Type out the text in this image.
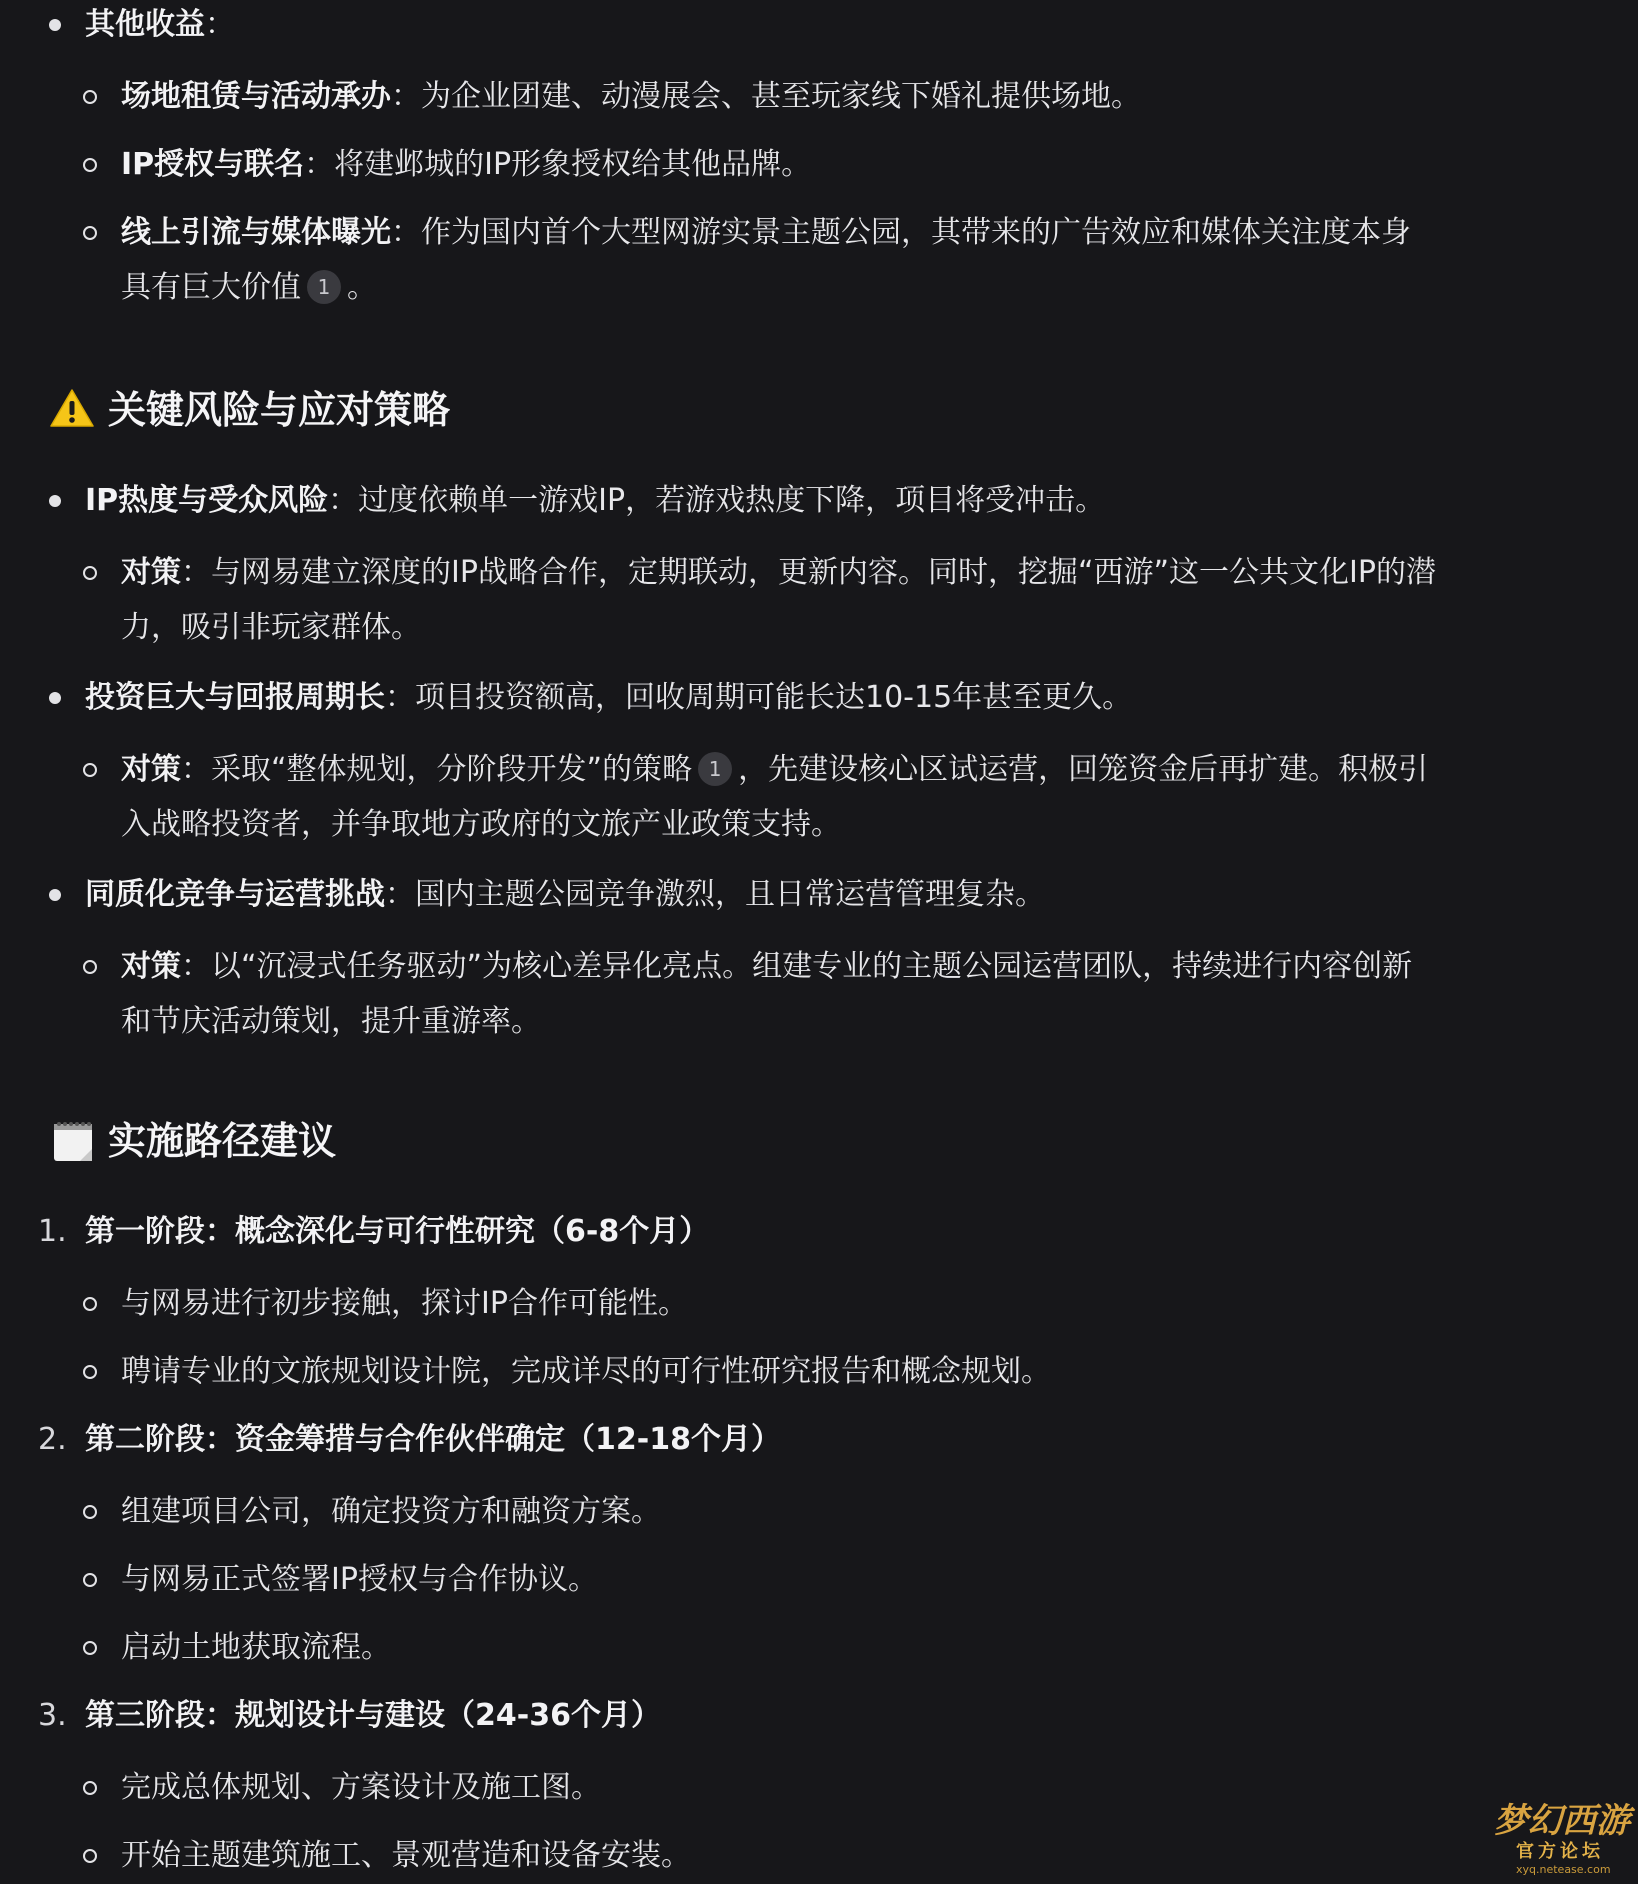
其他收益：
场地租赁与活动承办：为企业团建、动漫展会、甚至玩家线下婚礼提供场地。
IP授权与联名：将建邺城的IP形象授权给其他品牌。
线上引流与媒体曝光：作为国内首个大型网游实景主题公园，其带来的广告效应和媒体关注度本身
具有巨大价值 1 。
关键风险与应对策略
IP热度与受众风险：过度依赖单一游戏IP，若游戏热度下降，项目将受冲击。
对策：与网易建立深度的IP战略合作，定期联动，更新内容。同时，挖掘“西游”这一公共文化IP的潜
力，吸引非玩家群体。
投资巨大与回报周期长：项目投资额高，回收周期可能长达10-15年甚至更久。
对策：采取“整体规划，分阶段开发”的策略 1 ，先建设核心区试运营，回笼资金后再扩建。积极引
入战略投资者，并争取地方政府的文旅产业政策支持。
同质化竞争与运营挑战：国内主题公园竞争激烈，且日常运营管理复杂。
对策：以“沉浸式任务驱动”为核心差异化亮点。组建专业的主题公园运营团队，持续进行内容创新
和节庆活动策划，提升重游率。
实施路径建议
1. 第一阶段：概念深化与可行性研究（6-8个月）
与网易进行初步接触，探讨IP合作可能性。
聘请专业的文旅规划设计院，完成详尽的可行性研究报告和概念规划。
2. 第二阶段：资金筹措与合作伙伴确定（12-18个月）
组建项目公司，确定投资方和融资方案。
与网易正式签署IP授权与合作协议。
启动土地获取流程。
3. 第三阶段：规划设计与建设（24-36个月）
完成总体规划、方案设计及施工图。
开始主题建筑施工、景观营造和设备安装。
梦幻西游
官方论坛
xyq.netease.com
